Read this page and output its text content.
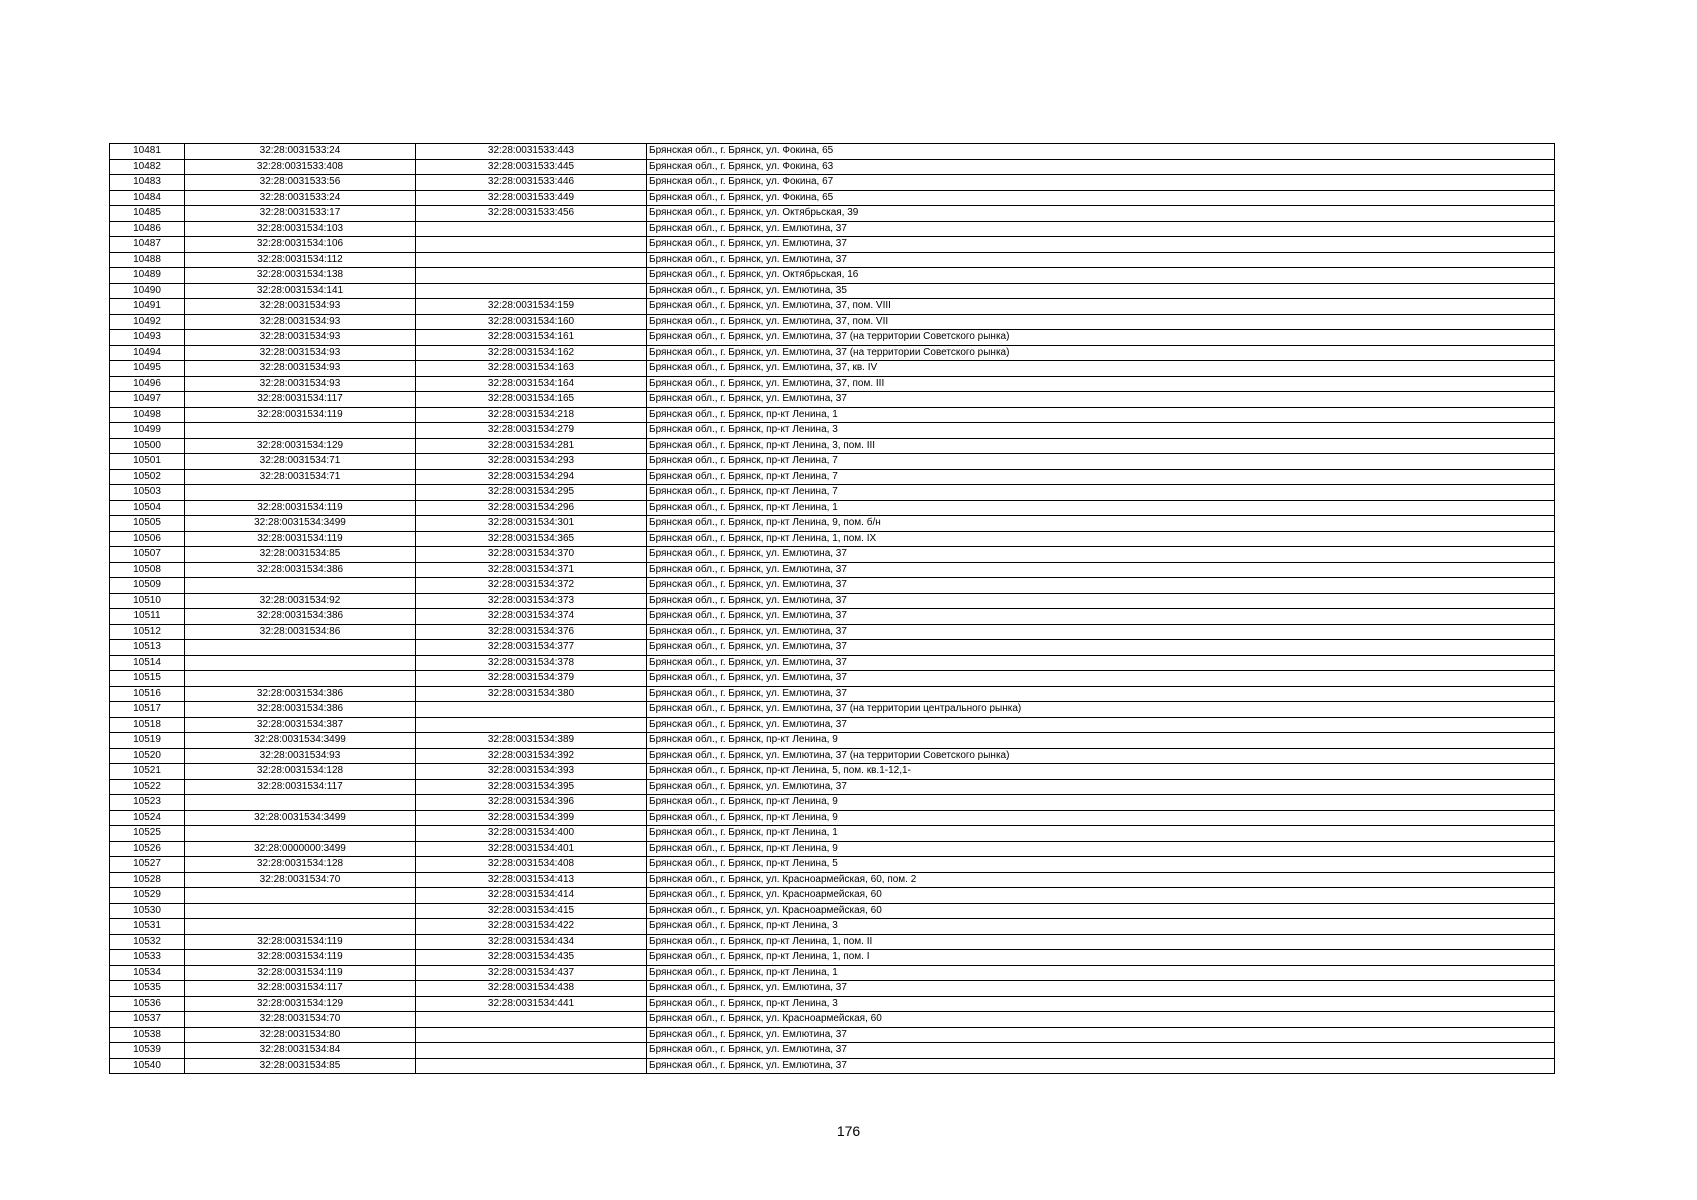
10481	32:28:0031533:24	32:28:0031533:443	Брянская обл., г. Брянск, ул. Фокина, 65
10482	32:28:0031533:408	32:28:0031533:445	Брянская обл., г. Брянск, ул. Фокина, 63
10483	32:28:0031533:56	32:28:0031533:446	Брянская обл., г. Брянск, ул. Фокина, 67
10484	32:28:0031533:24	32:28:0031533:449	Брянская обл., г. Брянск, ул. Фокина, 65
10485	32:28:0031533:17	32:28:0031533:456	Брянская обл., г. Брянск, ул. Октябрьская, 39
10486	32:28:0031534:103		Брянская обл., г. Брянск, ул. Емлютина, 37
10487	32:28:0031534:106		Брянская обл., г. Брянск, ул. Емлютина, 37
10488	32:28:0031534:112		Брянская обл., г. Брянск, ул. Емлютина, 37
10489	32:28:0031534:138		Брянская обл., г. Брянск, ул. Октябрьская, 16
10490	32:28:0031534:141		Брянская обл., г. Брянск, ул. Емлютина, 35
10491	32:28:0031534:93	32:28:0031534:159	Брянская обл., г. Брянск, ул. Емлютина, 37, пом. VIII
10492	32:28:0031534:93	32:28:0031534:160	Брянская обл., г. Брянск, ул. Емлютина, 37, пом. VII
10493	32:28:0031534:93	32:28:0031534:161	Брянская обл., г. Брянск, ул. Емлютина, 37 (на территории Советского рынка)
10494	32:28:0031534:93	32:28:0031534:162	Брянская обл., г. Брянск, ул. Емлютина, 37 (на территории Советского рынка)
10495	32:28:0031534:93	32:28:0031534:163	Брянская обл., г. Брянск, ул. Емлютина, 37, кв. IV
10496	32:28:0031534:93	32:28:0031534:164	Брянская обл., г. Брянск, ул. Емлютина, 37, пом. III
10497	32:28:0031534:117	32:28:0031534:165	Брянская обл., г. Брянск, ул. Емлютина, 37
10498	32:28:0031534:119	32:28:0031534:218	Брянская обл., г. Брянск, пр-кт Ленина, 1
10499		32:28:0031534:279	Брянская обл., г. Брянск, пр-кт Ленина, 3
10500	32:28:0031534:129	32:28:0031534:281	Брянская обл., г. Брянск, пр-кт Ленина, 3, пом. III
10501	32:28:0031534:71	32:28:0031534:293	Брянская обл., г. Брянск, пр-кт Ленина, 7
10502	32:28:0031534:71	32:28:0031534:294	Брянская обл., г. Брянск, пр-кт Ленина, 7
10503		32:28:0031534:295	Брянская обл., г. Брянск, пр-кт Ленина, 7
10504	32:28:0031534:119	32:28:0031534:296	Брянская обл., г. Брянск, пр-кт Ленина, 1
10505	32:28:0031534:3499	32:28:0031534:301	Брянская обл., г. Брянск, пр-кт Ленина, 9, пом. б/н
10506	32:28:0031534:119	32:28:0031534:365	Брянская обл., г. Брянск, пр-кт Ленина, 1, пом. IX
10507	32:28:0031534:85	32:28:0031534:370	Брянская обл., г. Брянск, ул. Емлютина, 37
10508	32:28:0031534:386	32:28:0031534:371	Брянская обл., г. Брянск, ул. Емлютина, 37
10509		32:28:0031534:372	Брянская обл., г. Брянск, ул. Емлютина, 37
10510	32:28:0031534:92	32:28:0031534:373	Брянская обл., г. Брянск, ул. Емлютина, 37
10511	32:28:0031534:386	32:28:0031534:374	Брянская обл., г. Брянск, ул. Емлютина, 37
10512	32:28:0031534:86	32:28:0031534:376	Брянская обл., г. Брянск, ул. Емлютина, 37
10513		32:28:0031534:377	Брянская обл., г. Брянск, ул. Емлютина, 37
10514		32:28:0031534:378	Брянская обл., г. Брянск, ул. Емлютина, 37
10515		32:28:0031534:379	Брянская обл., г. Брянск, ул. Емлютина, 37
10516	32:28:0031534:386	32:28:0031534:380	Брянская обл., г. Брянск, ул. Емлютина, 37
10517	32:28:0031534:386		Брянская обл., г. Брянск, ул. Емлютина, 37 (на территории центрального рынка)
10518	32:28:0031534:387		Брянская обл., г. Брянск, ул. Емлютина, 37
10519	32:28:0031534:3499	32:28:0031534:389	Брянская обл., г. Брянск, пр-кт Ленина, 9
10520	32:28:0031534:93	32:28:0031534:392	Брянская обл., г. Брянск, ул. Емлютина, 37 (на территории Советского рынка)
10521	32:28:0031534:128	32:28:0031534:393	Брянская обл., г. Брянск, пр-кт Ленина, 5, пом. кв.1-12,1-
10522	32:28:0031534:117	32:28:0031534:395	Брянская обл., г. Брянск, ул. Емлютина, 37
10523		32:28:0031534:396	Брянская обл., г. Брянск, пр-кт Ленина, 9
10524	32:28:0031534:3499	32:28:0031534:399	Брянская обл., г. Брянск, пр-кт Ленина, 9
10525		32:28:0031534:400	Брянская обл., г. Брянск, пр-кт Ленина, 1
10526	32:28:0000000:3499	32:28:0031534:401	Брянская обл., г. Брянск, пр-кт Ленина, 9
10527	32:28:0031534:128	32:28:0031534:408	Брянская обл., г. Брянск, пр-кт Ленина, 5
10528	32:28:0031534:70	32:28:0031534:413	Брянская обл., г. Брянск, ул. Красноармейская, 60, пом. 2
10529		32:28:0031534:414	Брянская обл., г. Брянск, ул. Красноармейская, 60
10530		32:28:0031534:415	Брянская обл., г. Брянск, ул. Красноармейская, 60
10531		32:28:0031534:422	Брянская обл., г. Брянск, пр-кт Ленина, 3
10532	32:28:0031534:119	32:28:0031534:434	Брянская обл., г. Брянск, пр-кт Ленина, 1, пом. II
10533	32:28:0031534:119	32:28:0031534:435	Брянская обл., г. Брянск, пр-кт Ленина, 1, пом. I
10534	32:28:0031534:119	32:28:0031534:437	Брянская обл., г. Брянск, пр-кт Ленина, 1
10535	32:28:0031534:117	32:28:0031534:438	Брянская обл., г. Брянск, ул. Емлютина, 37
10536	32:28:0031534:129	32:28:0031534:441	Брянская обл., г. Брянск, пр-кт Ленина, 3
10537	32:28:0031534:70		Брянская обл., г. Брянск, ул. Красноармейская, 60
10538	32:28:0031534:80		Брянская обл., г. Брянск, ул. Емлютина, 37
10539	32:28:0031534:84		Брянская обл., г. Брянск, ул. Емлютина, 37
10540	32:28:0031534:85		Брянская обл., г. Брянск, ул. Емлютина, 37
176
